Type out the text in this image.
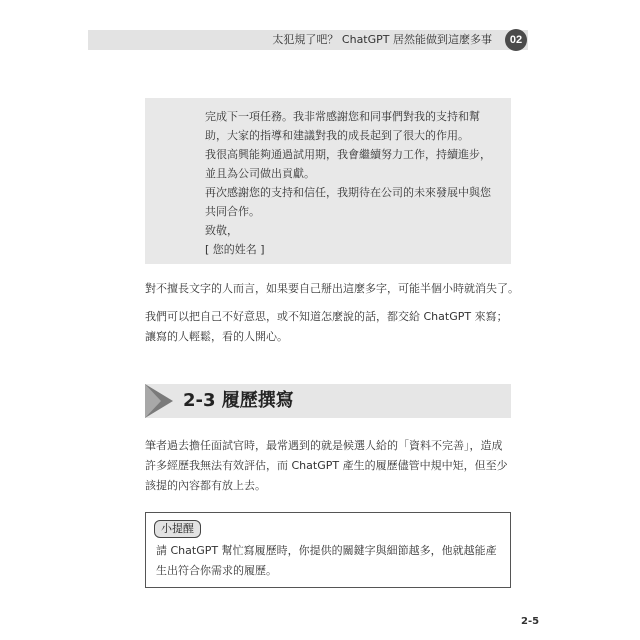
太犯規了吧？ ChatGPT 居然能做到這麼多事	02
完成下一項任務。我非常感謝您和同事們對我的支持和幫
助，大家的指導和建議對我的成長起到了很大的作用。
我很高興能夠通過試用期，我會繼續努力工作，持續進步，
並且為公司做出貢獻。
再次感謝您的支持和信任，我期待在公司的未來發展中與您
共同合作。
致敬，
[ 您的姓名 ]
對不擅長文字的人而言，如果要自己掰出這麼多字，可能半個小時就消失了。
我們可以把自己不好意思，或不知道怎麼說的話，都交給 ChatGPT 來寫；
讓寫的人輕鬆，看的人開心。
2-3 履歷撰寫
筆者過去擔任面試官時，最常遇到的就是候選人給的「資料不完善」，造成
許多經歷我無法有效評估，而 ChatGPT 產生的履歷儘管中規中矩，但至少
該提的內容都有放上去。
小提醒
請 ChatGPT 幫忙寫履歷時，你提供的關鍵字與細節越多，他就越能產
生出符合你需求的履歷。
2-5
